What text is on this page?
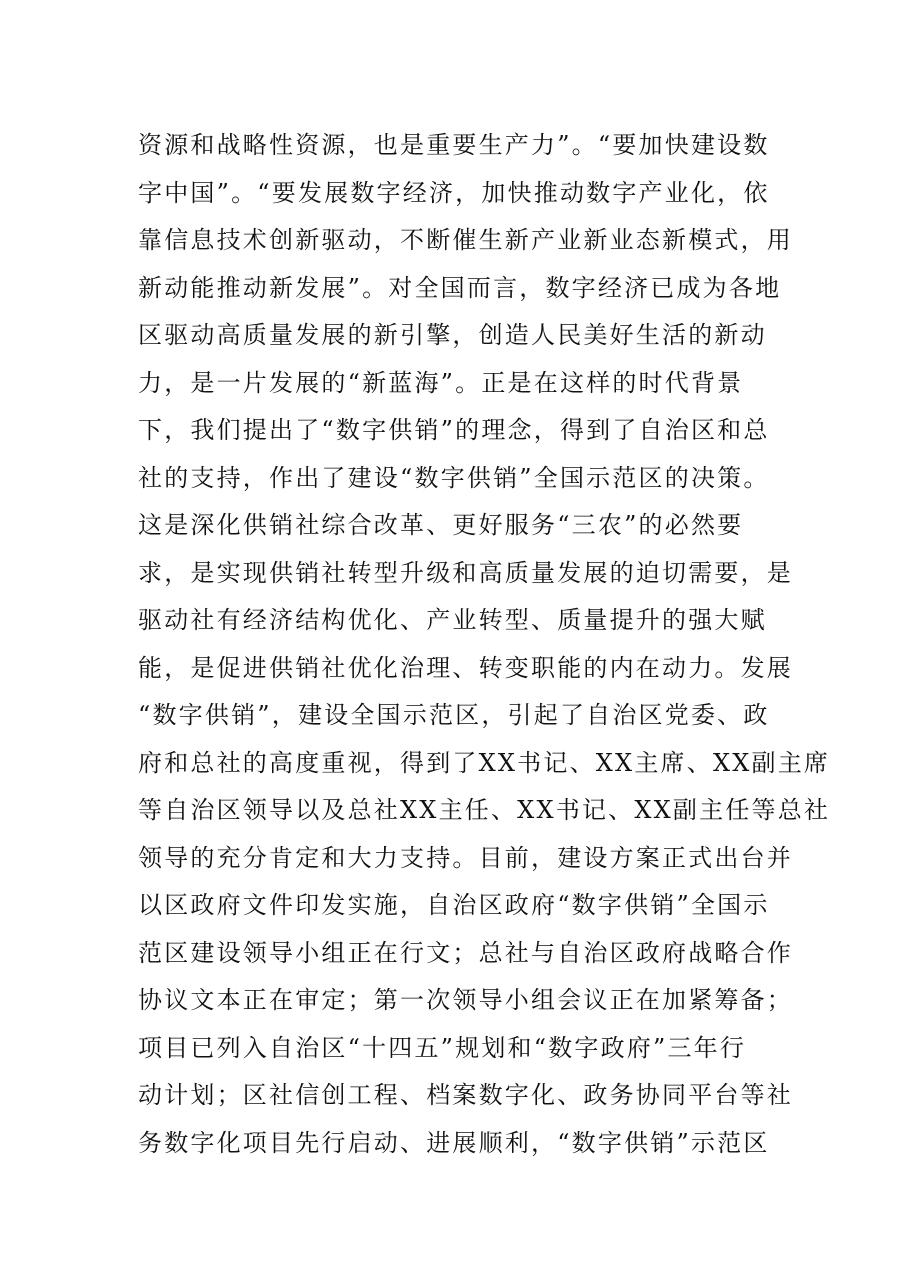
资源和战略性资源，也是重要生产力”。“要加快建设数
字中国”。“要发展数字经济，加快推动数字产业化，依
靠信息技术创新驱动，不断催生新产业新业态新模式，用
新动能推动新发展”。对全国而言，数字经济已成为各地
区驱动高质量发展的新引擎，创造人民美好生活的新动
力，是一片发展的“新蓝海”。正是在这样的时代背景
下，我们提出了“数字供销”的理念，得到了自治区和总
社的支持，作出了建设“数字供销”全国示范区的决策。
这是深化供销社综合改革、更好服务“三农”的必然要
求，是实现供销社转型升级和高质量发展的迫切需要，是
驱动社有经济结构优化、产业转型、质量提升的强大赋
能，是促进供销社优化治理、转变职能的内在动力。发展
“数字供销”，建设全国示范区，引起了自治区党委、政
府和总社的高度重视，得到了XX书记、XX主席、XX副主席
等自治区领导以及总社XX主任、XX书记、XX副主任等总社
领导的充分肯定和大力支持。目前，建设方案正式出台并
以区政府文件印发实施，自治区政府“数字供销”全国示
范区建设领导小组正在行文；总社与自治区政府战略合作
协议文本正在审定；第一次领导小组会议正在加紧筹备；
项目已列入自治区“十四五”规划和“数字政府”三年行
动计划；区社信创工程、档案数字化、政务协同平台等社
务数字化项目先行启动、进展顺利，“数字供销”示范区
